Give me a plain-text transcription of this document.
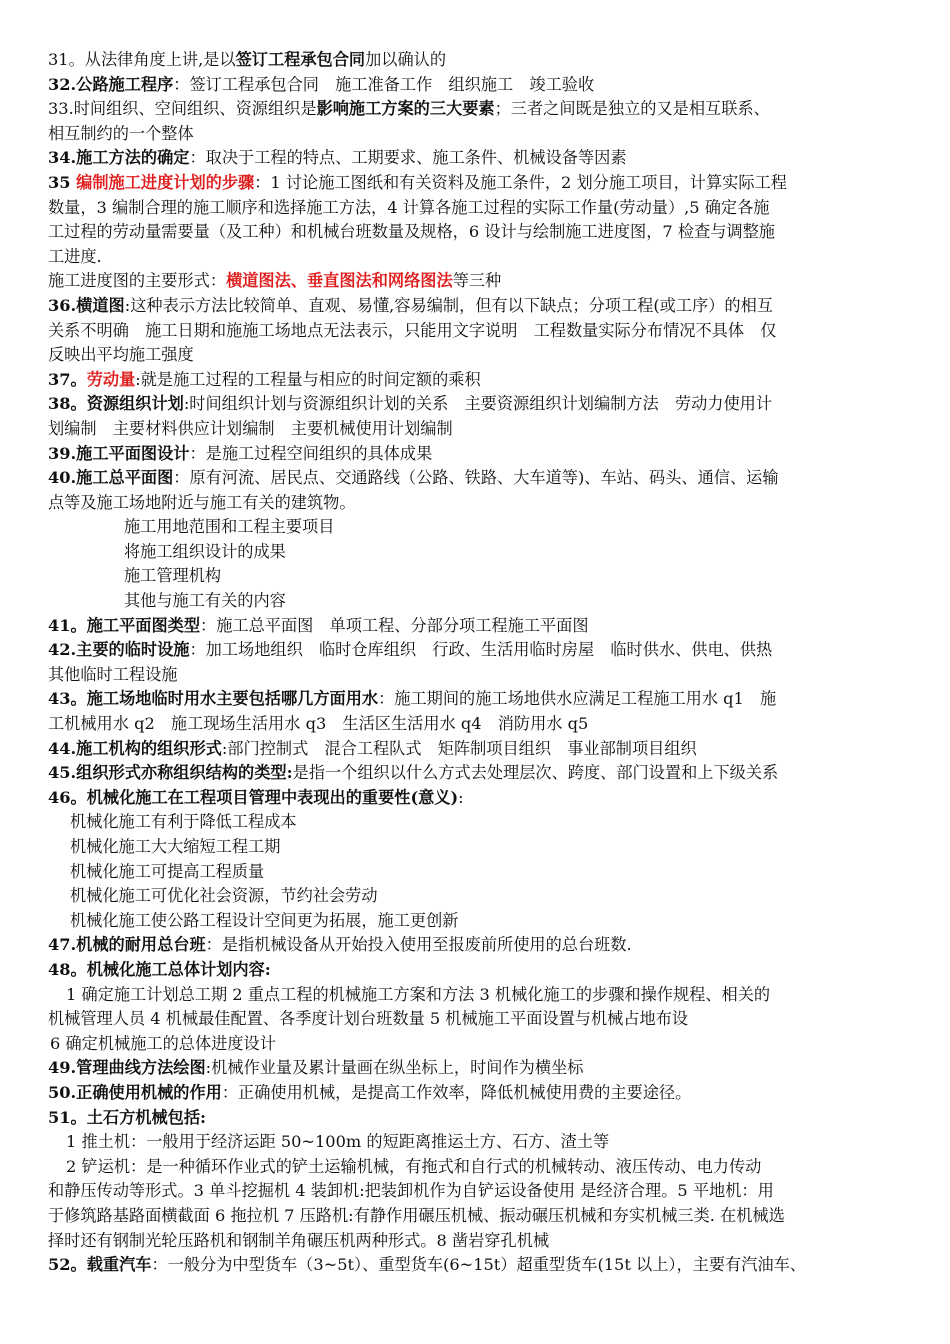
31。从法律角度上讲,是以签订工程承包合同加以确认的
32.公路施工程序：签订工程承包合同　施工准备工作　组织施工　竣工验收
33.时间组织、空间组织、资源组织是影响施工方案的三大要素；三者之间既是独立的又是相互联系、
相互制约的一个整体
34.施工方法的确定：取决于工程的特点、工期要求、施工条件、机械设备等因素
35 编制施工进度计划的步骤：1 讨论施工图纸和有关资料及施工条件，2 划分施工项目，计算实际工程
数量，3 编制合理的施工顺序和选择施工方法，4 计算各施工过程的实际工作量(劳动量）,5 确定各施
工过程的劳动量需要量（及工种）和机械台班数量及规格，6 设计与绘制施工进度图，7 检查与调整施
工进度.
施工进度图的主要形式：横道图法、垂直图法和网络图法等三种
36.横道图:这种表示方法比较简单、直观、易懂,容易编制，但有以下缺点；分项工程(或工序）的相互
关系不明确　施工日期和施施工场地点无法表示，只能用文字说明　工程数量实际分布情况不具体　仅
反映出平均施工强度
37。劳动量:就是施工过程的工程量与相应的时间定额的乘积
38。资源组织计划:时间组织计划与资源组织计划的关系　主要资源组织计划编制方法　劳动力使用计
划编制　主要材料供应计划编制　主要机械使用计划编制
39.施工平面图设计：是施工过程空间组织的具体成果
40.施工总平面图：原有河流、居民点、交通路线（公路、铁路、大车道等)、车站、码头、通信、运输
点等及施工场地附近与施工有关的建筑物。
施工用地范围和工程主要项目
将施工组织设计的成果
施工管理机构
其他与施工有关的内容
41。施工平面图类型：施工总平面图　单项工程、分部分项工程施工平面图
42.主要的临时设施：加工场地组织　临时仓库组织　行政、生活用临时房屋　临时供水、供电、供热
其他临时工程设施
43。施工场地临时用水主要包括哪几方面用水：施工期间的施工场地供水应满足工程施工用水 q1　施
工机械用水 q2　施工现场生活用水 q3　生活区生活用水 q4　消防用水 q5
44.施工机构的组织形式:部门控制式　混合工程队式　矩阵制项目组织　事业部制项目组织
45.组织形式亦称组织结构的类型:是指一个组织以什么方式去处理层次、跨度、部门设置和上下级关系
46。机械化施工在工程项目管理中表现出的重要性(意义):
机械化施工有利于降低工程成本
机械化施工大大缩短工程工期
机械化施工可提高工程质量
机械化施工可优化社会资源，节约社会劳动
机械化施工使公路工程设计空间更为拓展，施工更创新
47.机械的耐用总台班：是指机械设备从开始投入使用至报废前所使用的总台班数.
48。机械化施工总体计划内容:
1 确定施工计划总工期 2 重点工程的机械施工方案和方法 3 机械化施工的步骤和操作规程、相关的
机械管理人员 4 机械最佳配置、各季度计划台班数量 5 机械施工平面设置与机械占地布设
6 确定机械施工的总体进度设计
49.管理曲线方法绘图:机械作业量及累计量画在纵坐标上，时间作为横坐标
50.正确使用机械的作用：正确使用机械，是提高工作效率，降低机械使用费的主要途径。
51。土石方机械包括:
1 推土机：一般用于经济运距 50~100m 的短距离推运土方、石方、渣土等
2 铲运机：是一种循环作业式的铲土运输机械，有拖式和自行式的机械转动、液压传动、电力传动
和静压传动等形式。3 单斗挖掘机 4 装卸机:把装卸机作为自铲运设备使用 是经济合理。5 平地机：用
于修筑路基路面横截面 6 拖拉机 7 压路机:有静作用碾压机械、振动碾压机械和夯实机械三类. 在机械选
择时还有钢制光轮压路机和钢制羊角碾压机两种形式。8 凿岩穿孔机械
52。载重汽车：一般分为中型货车（3~5t）、重型货车(6~15t）超重型货车(15t 以上），主要有汽油车、
